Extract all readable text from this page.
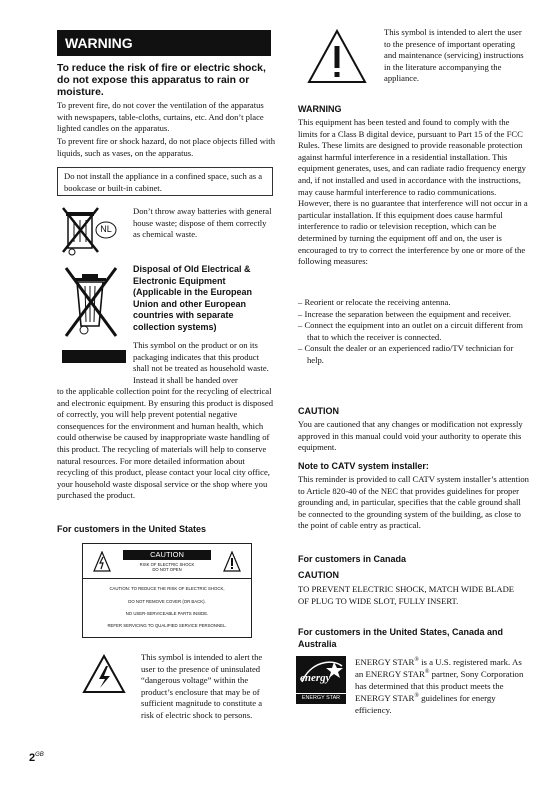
WARNING
To reduce the risk of fire or electric shock, do not expose this apparatus to rain or moisture.

To prevent fire, do not cover the ventilation of the apparatus with newspapers, table-cloths, curtains, etc. And don’t place lighted candles on the apparatus.

To prevent fire or shock hazard, do not place objects filled with liquids, such as vases, on the apparatus.

Do not install the appliance in a confined space, such as a bookcase or built-in cabinet.
NL

Don’t throw away batteries with general house waste; dispose of them correctly as chemical waste.

Disposal of Old Electrical & Electronic Equipment (Applicable in the European Union and other European countries with separate collection systems)

This symbol on the product or on its packaging indicates that this product shall not be treated as household waste. Instead it shall be handed over

to the applicable collection point for the recycling of electrical and electronic equipment. By ensuring this product is disposed of correctly, you will help prevent potential negative consequences for the environment and human health, which could otherwise be caused by inappropriate waste handling of this product. The recycling of materials will help to conserve natural resources. For more detailed information about recycling of this product, please contact your local city office, your household waste disposal service or the shop where you purchased the product.

For customers in the United States
CAUTION
RISK OF ELECTRIC SHOCK
DO NOT OPEN
CAUTION: TO REDUCE THE RISK OF ELECTRIC SHOCK,
DO NOT REMOVE COVER (OR BACK).
NO USER-SERVICEABLE PARTS INSIDE.
REFER SERVICING TO QUALIFIED SERVICE PERSONNEL.

This symbol is intended to alert the user to the presence of uninsulated “dangerous voltage” within the product’s enclosure that may be of sufficient magnitude to constitute a risk of electric shock to persons.

$2^{GB}$

This symbol is intended to alert the user to the presence of important operating and maintenance (servicing) instructions in the literature accompanying the appliance.

WARNING

This equipment has been tested and found to comply with the limits for a Class B digital device, pursuant to Part 15 of the FCC Rules. These limits are designed to provide reasonable protection against harmful interference in a residential installation. This equipment generates, uses, and can radiate radio frequency energy and, if not installed and used in accordance with the instructions, may cause harmful interference to radio communications. However, there is no guarantee that interference will not occur in a particular installation. If this equipment does cause harmful interference to radio or television reception, which can be determined by turning the equipment off and on, the user is encouraged to try to correct the interference by one or more of the following measures:

– Reorient or relocate the receiving antenna.
– Increase the separation between the equipment and receiver.
– Connect the equipment into an outlet on a circuit different from that to which the receiver is connected.
– Consult the dealer or an experienced radio/TV technician for help.
CAUTION

You are cautioned that any changes or modification not expressly approved in this manual could void your authority to operate this equipment.

Note to CATV system installer:

This reminder is provided to call CATV system installer’s attention to Article 820-40 of the NEC that provides guidelines for proper grounding and, in particular, specifies that the cable ground shall be connected to the grounding system of the building, as close to the point of cable entry as practical.

For customers in Canada
CAUTION

TO PREVENT ELECTRIC SHOCK, MATCH WIDE BLADE OF PLUG TO WIDE SLOT, FULLY INSERT.

For customers in the United States, Canada and Australia
energy
ENERGY STAR

ENERGY STAR® is a U.S. registered mark. As an ENERGY STAR® partner, Sony Corporation has determined that this product meets the ENERGY STAR® guidelines for energy efficiency.
